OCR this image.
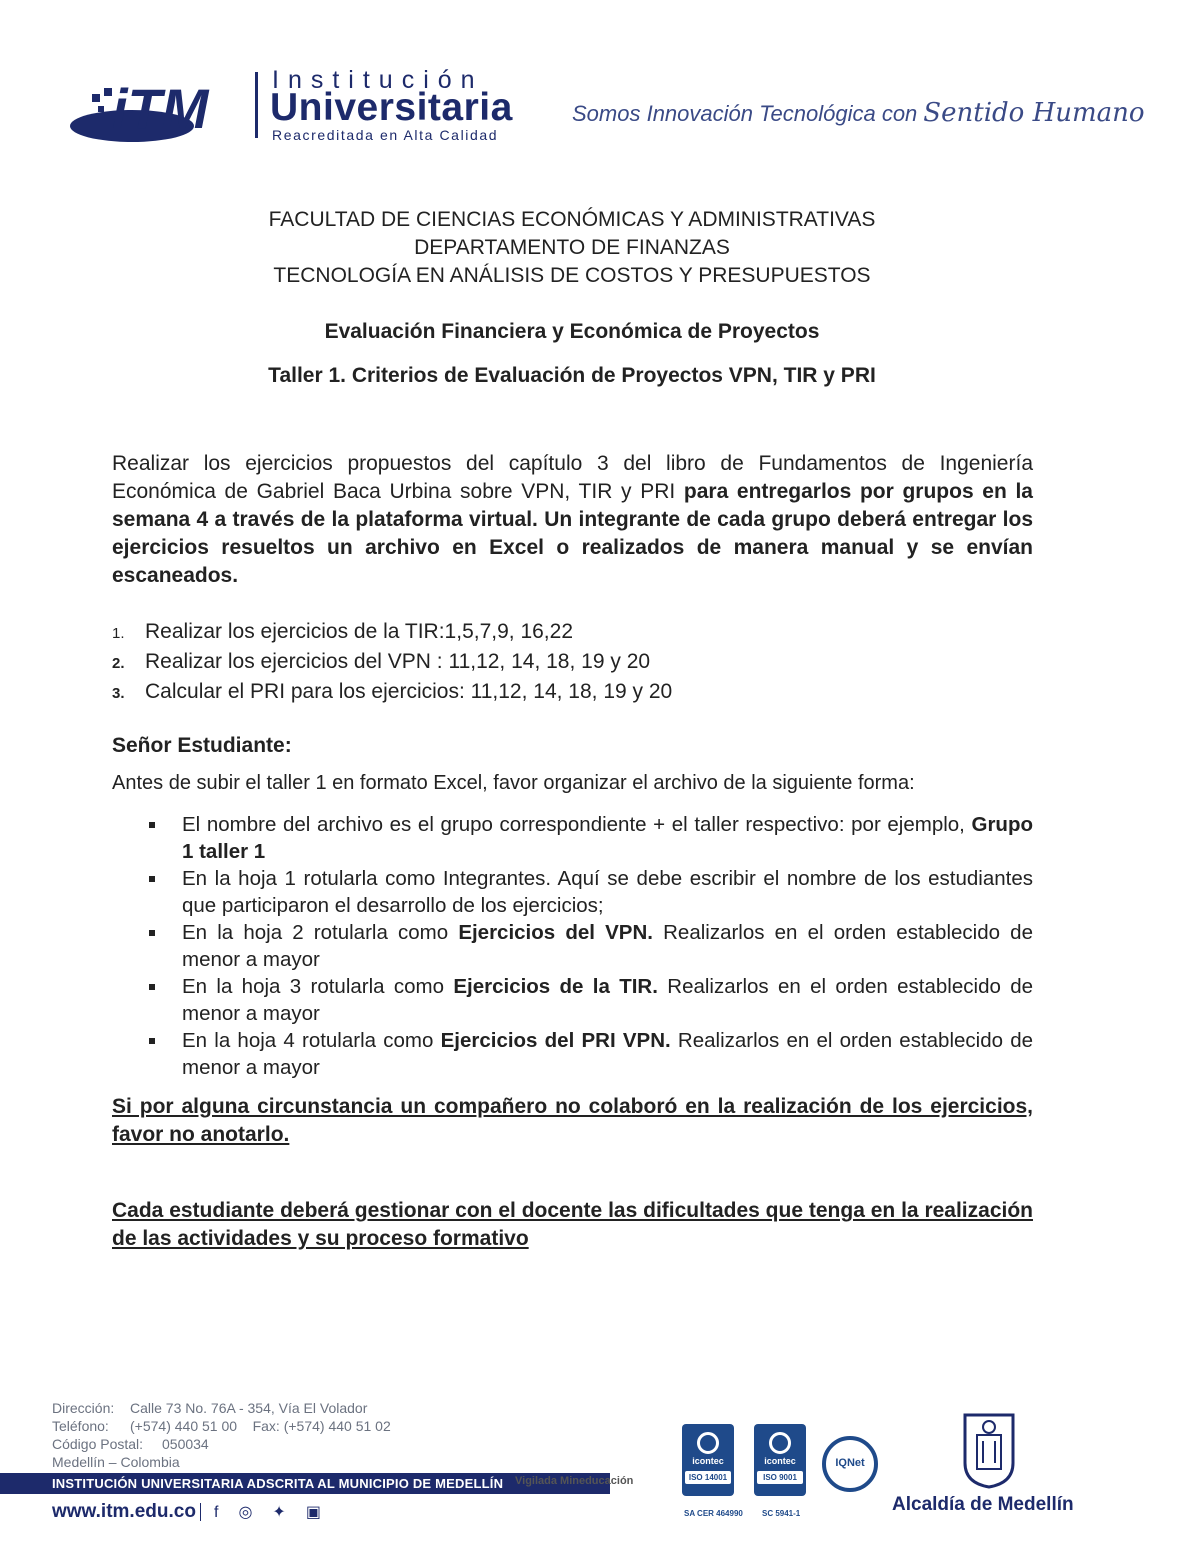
iTM	Institución
Universitaria
Reacreditada en Alta Calidad
Somos Innovación Tecnológica con Sentido Humano
FACULTAD DE CIENCIAS ECONÓMICAS Y ADMINISTRATIVAS
DEPARTAMENTO DE FINANZAS
TECNOLOGÍA EN ANÁLISIS DE COSTOS Y PRESUPUESTOS
Evaluación Financiera y Económica de Proyectos
Taller 1. Criterios de Evaluación de Proyectos VPN, TIR y PRI
Realizar los ejercicios propuestos del capítulo 3 del libro de Fundamentos de Ingeniería Económica de Gabriel Baca Urbina sobre VPN, TIR y PRI para entregarlos por grupos en la semana 4 a través de la plataforma virtual. Un integrante de cada grupo deberá entregar los ejercicios resueltos un archivo en Excel o realizados de manera manual y se envían escaneados.
1. Realizar los ejercicios de la TIR:1,5,7,9, 16,22
2. Realizar los ejercicios del VPN : 11,12, 14, 18, 19 y 20
3. Calcular el PRI para los ejercicios: 11,12, 14, 18, 19 y 20
Señor Estudiante:
Antes de subir el taller 1 en formato Excel, favor organizar el archivo de la siguiente forma:
El nombre del archivo es el grupo correspondiente + el taller respectivo: por ejemplo, Grupo 1 taller 1
En la hoja 1 rotularla como Integrantes. Aquí se debe escribir el nombre de los estudiantes que participaron el desarrollo de los ejercicios;
En la hoja 2 rotularla como Ejercicios del VPN. Realizarlos en el orden establecido de menor a mayor
En la hoja 3 rotularla como Ejercicios de la TIR. Realizarlos en el orden establecido de menor a mayor
En la hoja 4 rotularla como Ejercicios del PRI VPN. Realizarlos en el orden establecido de menor a mayor
Si por alguna circunstancia un compañero no colaboró en la realización de los ejercicios, favor no anotarlo.
Cada estudiante deberá gestionar con el docente las dificultades que tenga en la realización de las actividades y su proceso formativo
Dirección: Calle 73 No. 76A - 354, Vía El Volador
Teléfono: (+574) 440 51 00 Fax: (+574) 440 51 02
Código Postal: 050034
Medellín – Colombia
INSTITUCIÓN UNIVERSITARIA ADSCRITA AL MUNICIPIO DE MEDELLÍN Vigilada Mineducación
www.itm.edu.co f◎✦▣
icontec
ISO 14001
SA CER 464990
icontec
ISO 9001
SC 5941-1
IQNet
Alcaldía de Medellín
